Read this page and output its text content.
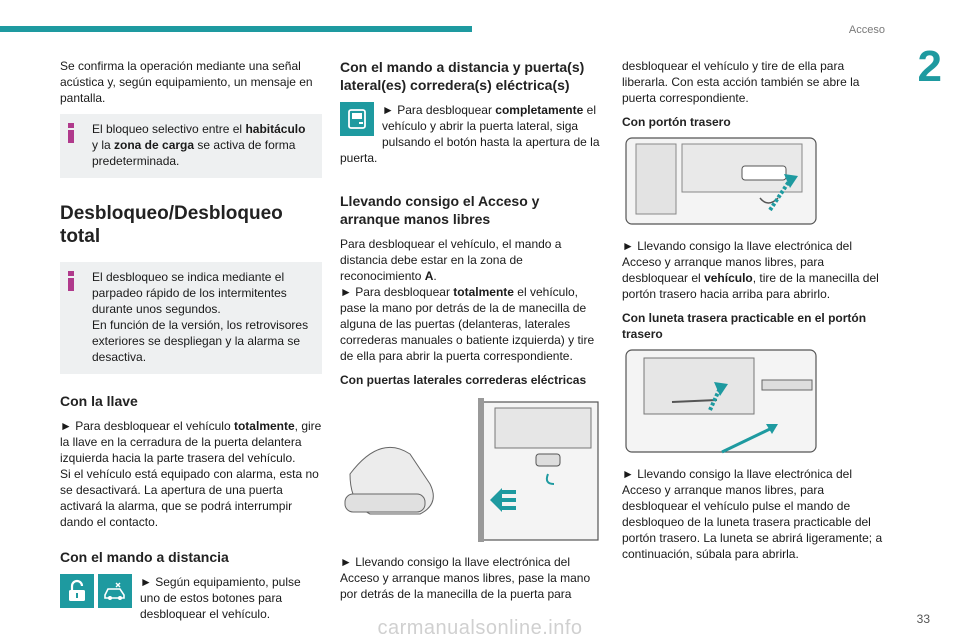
Acceso
2

Se confirma la operación mediante una señal acústica y, según equipamiento, un mensaje en pantalla.

El bloqueo selectivo entre el habitáculo y la zona de carga se activa de forma predeterminada.
Desbloqueo/Desbloqueo total
El desbloqueo se indica mediante el parpadeo rápido de los intermitentes durante unos segundos.
En función de la versión, los retrovisores exteriores se despliegan y la alarma se desactiva.
Con la llave

► Para desbloquear el vehículo totalmente, gire la llave en la cerradura de la puerta delantera izquierda hacia la parte trasera del vehículo.
Si el vehículo está equipado con alarma, esta no se desactivará. La apertura de una puerta activará la alarma, que se podrá interrumpir dando el contacto.

Con el mando a distancia

► Según equipamiento, pulse uno de estos botones para desbloquear el vehículo.

Con el mando a distancia y puerta(s) lateral(es) corredera(s) eléctrica(s)

► Para desbloquear completamente el vehículo y abrir la puerta lateral, siga pulsando el botón hasta la apertura de la puerta.

Llevando consigo el Acceso y arranque manos libres

Para desbloquear el vehículo, el mando a distancia debe estar en la zona de reconocimiento A.
► Para desbloquear totalmente el vehículo, pase la mano por detrás de la de manecilla de alguna de las puertas (delanteras, laterales correderas manuales o batiente izquierda) y tire de ella para abrir la puerta correspondiente.

Con puertas laterales correderas eléctricas

► Llevando consigo la llave electrónica del Acceso y arranque manos libres, pase la mano por detrás de la manecilla de la puerta para

desbloquear el vehículo y tire de ella para liberarla. Con esta acción también se abre la puerta correspondiente.

Con portón trasero

► Llevando consigo la llave electrónica del Acceso y arranque manos libres, para desbloquear el vehículo, tire de la manecilla del portón trasero hacia arriba para abrirlo.

Con luneta trasera practicable en el portón trasero

► Llevando consigo la llave electrónica del Acceso y arranque manos libres, para desbloquear el vehículo pulse el mando de desbloqueo de la luneta trasera practicable del portón trasero. La luneta se abrirá ligeramente; a continuación, súbala para abrirla.

33
carmanualsonline.info
